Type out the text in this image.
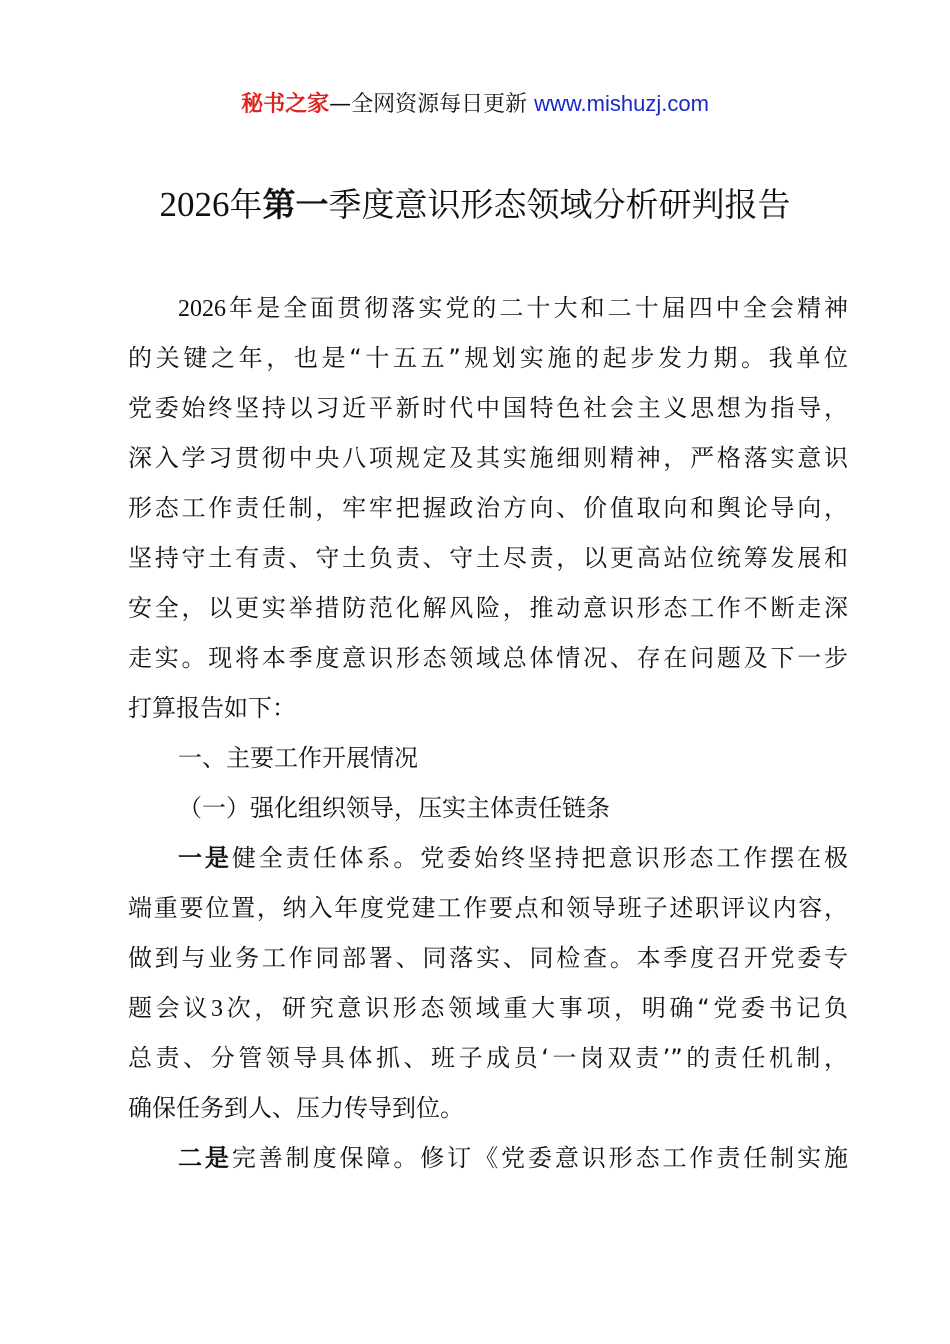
秘书之家—全网资源每日更新 www.mishuzj.com
2026年第一季度意识形态领域分析研判报告
2026年是全面贯彻落实党的二十大和二十届四中全会精神
的关键之年，也是“十五五”规划实施的起步发力期。我单位
党委始终坚持以习近平新时代中国特色社会主义思想为指导，
深入学习贯彻中央八项规定及其实施细则精神，严格落实意识
形态工作责任制，牢牢把握政治方向、价值取向和舆论导向，
坚持守土有责、守土负责、守土尽责，以更高站位统筹发展和
安全，以更实举措防范化解风险，推动意识形态工作不断走深
走实。现将本季度意识形态领域总体情况、存在问题及下一步
打算报告如下：
一、主要工作开展情况
（一）强化组织领导，压实主体责任链条
一是健全责任体系。党委始终坚持把意识形态工作摆在极
端重要位置，纳入年度党建工作要点和领导班子述职评议内容，
做到与业务工作同部署、同落实、同检查。本季度召开党委专
题会议3次，研究意识形态领域重大事项，明确“党委书记负
总责、分管领导具体抓、班子成员‘一岗双责’”的责任机制，
确保任务到人、压力传导到位。
二是完善制度保障。修订《党委意识形态工作责任制实施
